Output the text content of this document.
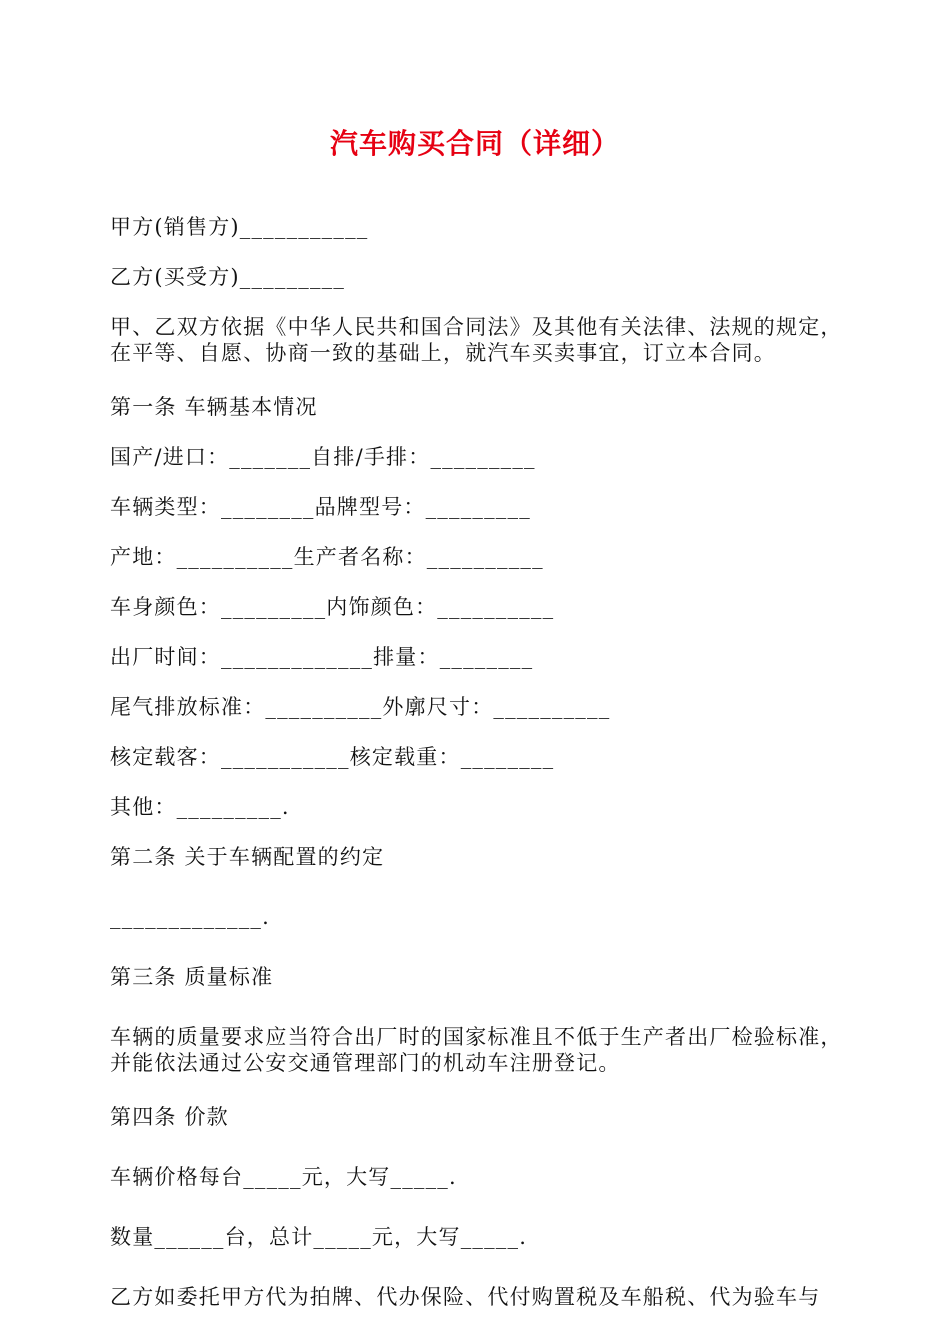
汽车购买合同（详细）

甲方(销售方)___________

乙方(买受方)_________

甲、乙双方依据《中华人民共和国合同法》及其他有关法律、法规的规定，
在平等、自愿、协商一致的基础上，就汽车买卖事宜，订立本合同。

第一条 车辆基本情况

国产/进口：_______自排/手排：_________

车辆类型：________品牌型号：_________

产地：__________生产者名称：__________

车身颜色：_________内饰颜色：__________

出厂时间：_____________排量：________

尾气排放标准：__________外廓尺寸：__________

核定载客：___________核定载重：________

其他：_________.

第二条 关于车辆配置的约定

_____________.

第三条 质量标准

车辆的质量要求应当符合出厂时的国家标准且不低于生产者出厂检验标准，
并能依法通过公安交通管理部门的机动车注册登记。

第四条 价款

车辆价格每台_____元，大写_____.

数量______台，总计_____元，大写_____.

乙方如委托甲方代为拍牌、代办保险、代付购置税及车船税、代为验车与
